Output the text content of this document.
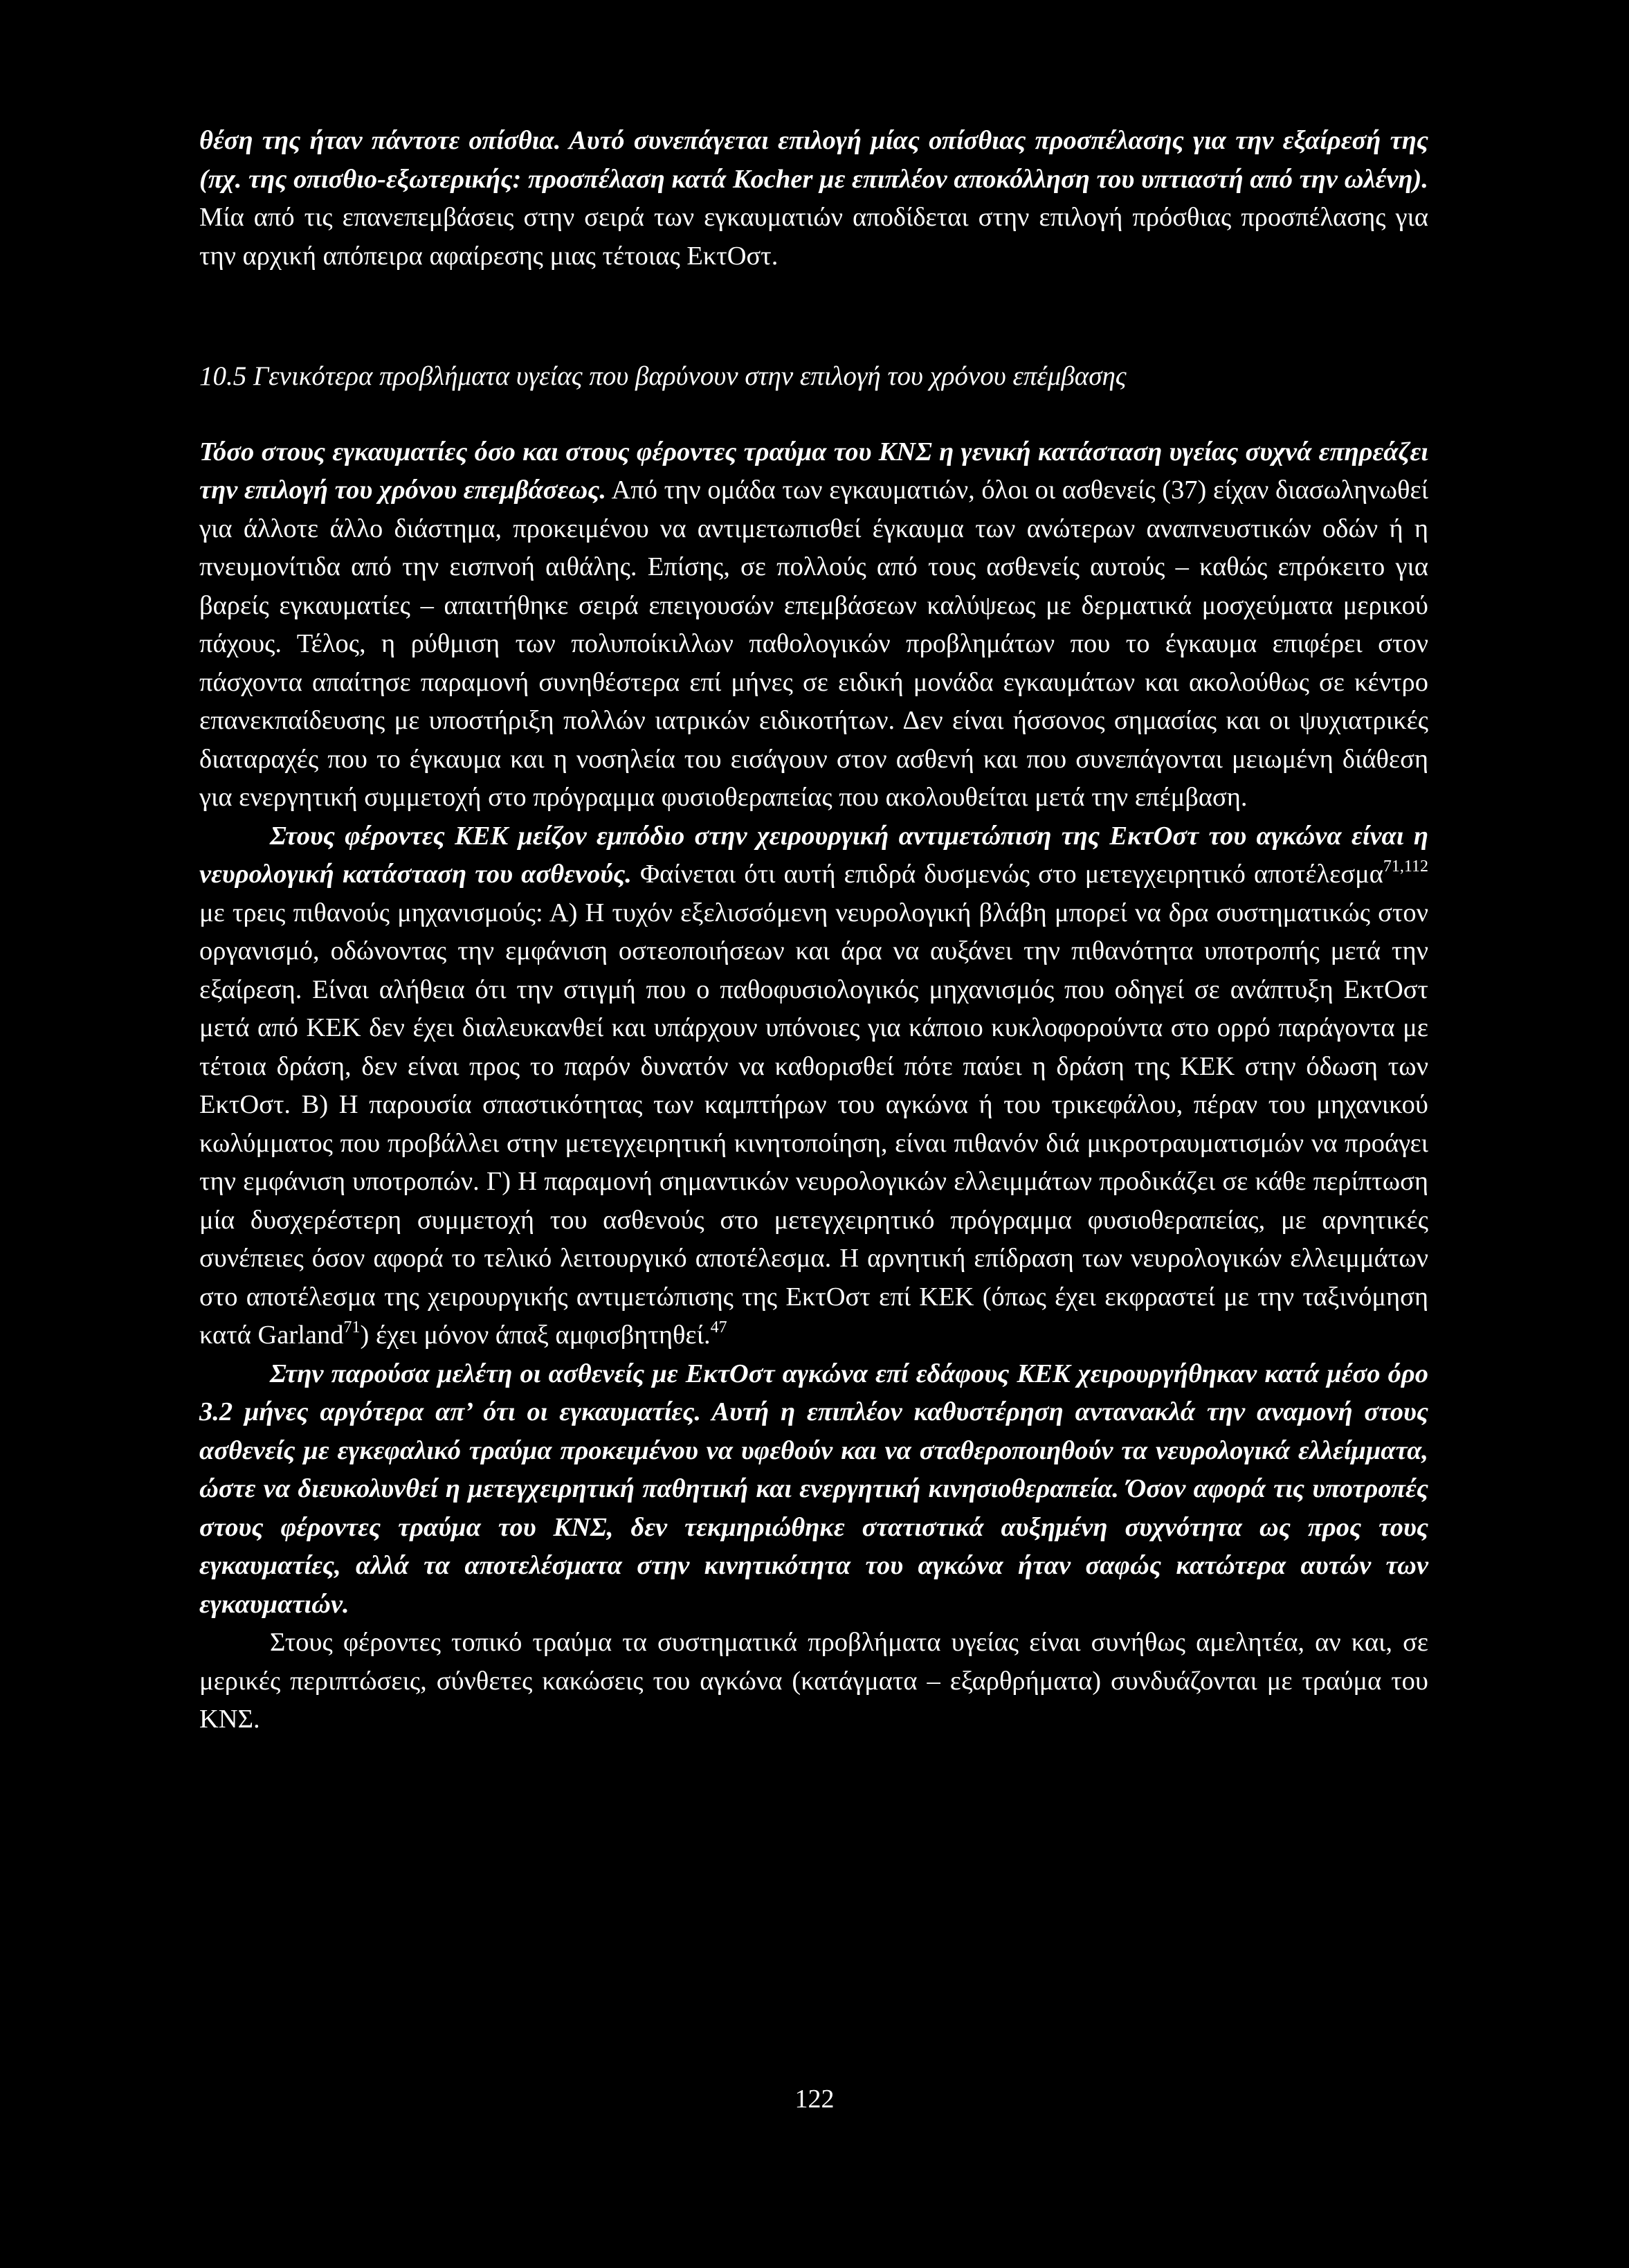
θέση της ήταν πάντοτε οπίσθια. Αυτό συνεπάγεται επιλογή μίας οπίσθιας προσπέλασης για την εξαίρεσή της (πχ. της οπισθιο-εξωτερικής: προσπέλαση κατά Kocher με επιπλέον αποκόλληση του υπτιαστή από την ωλένη). Μία από τις επανεπεμβάσεις στην σειρά των εγκαυματιών αποδίδεται στην επιλογή πρόσθιας προσπέλασης για την αρχική απόπειρα αφαίρεσης μιας τέτοιας ΕκτΟστ.

10.5 Γενικότερα προβλήματα υγείας που βαρύνουν στην επιλογή του χρόνου επέμβασης

Τόσο στους εγκαυματίες όσο και στους φέροντες τραύμα του ΚΝΣ η γενική κατάσταση υγείας συχνά επηρεάζει την επιλογή του χρόνου επεμβάσεως. Από την ομάδα των εγκαυματιών, όλοι οι ασθενείς (37) είχαν διασωληνωθεί για άλλοτε άλλο διάστημα, προκειμένου να αντιμετωπισθεί έγκαυμα των ανώτερων αναπνευστικών οδών ή η πνευμονίτιδα από την εισπνοή αιθάλης. Επίσης, σε πολλούς από τους ασθενείς αυτούς – καθώς επρόκειτο για βαρείς εγκαυματίες – απαιτήθηκε σειρά επειγουσών επεμβάσεων καλύψεως με δερματικά μοσχεύματα μερικού πάχους. Τέλος, η ρύθμιση των πολυποίκιλλων παθολογικών προβλημάτων που το έγκαυμα επιφέρει στον πάσχοντα απαίτησε παραμονή συνηθέστερα επί μήνες σε ειδική μονάδα εγκαυμάτων και ακολούθως σε κέντρο επανεκπαίδευσης με υποστήριξη πολλών ιατρικών ειδικοτήτων. Δεν είναι ήσσονος σημασίας και οι ψυχιατρικές διαταραχές που το έγκαυμα και η νοσηλεία του εισάγουν στον ασθενή και που συνεπάγονται μειωμένη διάθεση για ενεργητική συμμετοχή στο πρόγραμμα φυσιοθεραπείας που ακολουθείται μετά την επέμβαση.

Στους φέροντες ΚΕΚ μείζον εμπόδιο στην χειρουργική αντιμετώπιση της ΕκτΟστ του αγκώνα είναι η νευρολογική κατάσταση του ασθενούς. Φαίνεται ότι αυτή επιδρά δυσμενώς στο μετεγχειρητικό αποτέλεσμα$^{71,112}$ με τρεις πιθανούς μηχανισμούς: Α) Η τυχόν εξελισσόμενη νευρολογική βλάβη μπορεί να δρα συστηματικώς στον οργανισμό, οδώνοντας την εμφάνιση οστεοποιήσεων και άρα να αυξάνει την πιθανότητα υποτροπής μετά την εξαίρεση. Είναι αλήθεια ότι την στιγμή που ο παθοφυσιολογικός μηχανισμός που οδηγεί σε ανάπτυξη ΕκτΟστ μετά από ΚΕΚ δεν έχει διαλευκανθεί και υπάρχουν υπόνοιες για κάποιο κυκλοφορούντα στο ορρό παράγοντα με τέτοια δράση, δεν είναι προς το παρόν δυνατόν να καθορισθεί πότε παύει η δράση της ΚΕΚ στην όδωση των ΕκτΟστ. Β) Η παρουσία σπαστικότητας των καμπτήρων του αγκώνα ή του τρικεφάλου, πέραν του μηχανικού κωλύμματος που προβάλλει στην μετεγχειρητική κινητοποίηση, είναι πιθανόν διά μικροτραυματισμών να προάγει την εμφάνιση υποτροπών. Γ) Η παραμονή σημαντικών νευρολογικών ελλειμμάτων προδικάζει σε κάθε περίπτωση μία δυσχερέστερη συμμετοχή του ασθενούς στο μετεγχειρητικό πρόγραμμα φυσιοθεραπείας, με αρνητικές συνέπειες όσον αφορά το τελικό λειτουργικό αποτέλεσμα. Η αρνητική επίδραση των νευρολογικών ελλειμμάτων στο αποτέλεσμα της χειρουργικής αντιμετώπισης της ΕκτΟστ επί ΚΕΚ (όπως έχει εκφραστεί με την ταξινόμηση κατά Garland$^{71}$) έχει μόνον άπαξ αμφισβητηθεί.$^{47}$

Στην παρούσα μελέτη οι ασθενείς με ΕκτΟστ αγκώνα επί εδάφους ΚΕΚ χειρουργήθηκαν κατά μέσο όρο 3.2 μήνες αργότερα απ’ ότι οι εγκαυματίες. Αυτή η επιπλέον καθυστέρηση αντανακλά την αναμονή στους ασθενείς με εγκεφαλικό τραύμα προκειμένου να υφεθούν και να σταθεροποιηθούν τα νευρολογικά ελλείμματα, ώστε να διευκολυνθεί η μετεγχειρητική παθητική και ενεργητική κινησιοθεραπεία. Όσον αφορά τις υποτροπές στους φέροντες τραύμα του ΚΝΣ, δεν τεκμηριώθηκε στατιστικά αυξημένη συχνότητα ως προς τους εγκαυματίες, αλλά τα αποτελέσματα στην κινητικότητα του αγκώνα ήταν σαφώς κατώτερα αυτών των εγκαυματιών.

Στους φέροντες τοπικό τραύμα τα συστηματικά προβλήματα υγείας είναι συνήθως αμελητέα, αν και, σε μερικές περιπτώσεις, σύνθετες κακώσεις του αγκώνα (κατάγματα – εξαρθρήματα) συνδυάζονται με τραύμα του ΚΝΣ.

122
